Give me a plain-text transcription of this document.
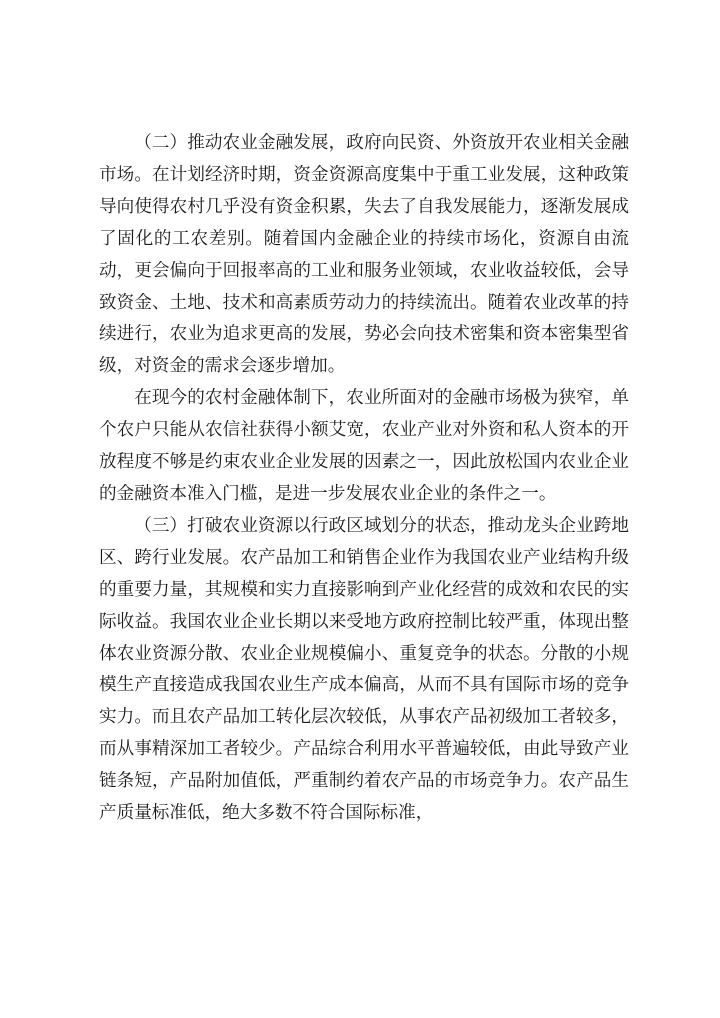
（二）推动农业金融发展，政府向民资、外资放开农业相关金融市场。在计划经济时期，资金资源高度集中于重工业发展，这种政策导向使得农村几乎没有资金积累，失去了自我发展能力，逐渐发展成了固化的工农差别。随着国内金融企业的持续市场化，资源自由流动，更会偏向于回报率高的工业和服务业领域，农业收益较低，会导致资金、土地、技术和高素质劳动力的持续流出。随着农业改革的持续进行，农业为追求更高的发展，势必会向技术密集和资本密集型省级，对资金的需求会逐步增加。

在现今的农村金融体制下，农业所面对的金融市场极为狭窄，单个农户只能从农信社获得小额艾宽，农业产业对外资和私人资本的开放程度不够是约束农业企业发展的因素之一，因此放松国内农业企业的金融资本准入门槛，是进一步发展农业企业的条件之一。

（三）打破农业资源以行政区域划分的状态，推动龙头企业跨地区、跨行业发展。农产品加工和销售企业作为我国农业产业结构升级的重要力量，其规模和实力直接影响到产业化经营的成效和农民的实际收益。我国农业企业长期以来受地方政府控制比较严重，体现出整体农业资源分散、农业企业规模偏小、重复竞争的状态。分散的小规模生产直接造成我国农业生产成本偏高，从而不具有国际市场的竞争实力。而且农产品加工转化层次较低，从事农产品初级加工者较多，而从事精深加工者较少。产品综合利用水平普遍较低，由此导致产业链条短，产品附加值低，严重制约着农产品的市场竞争力。农产品生产质量标准低，绝大多数不符合国际标准，
